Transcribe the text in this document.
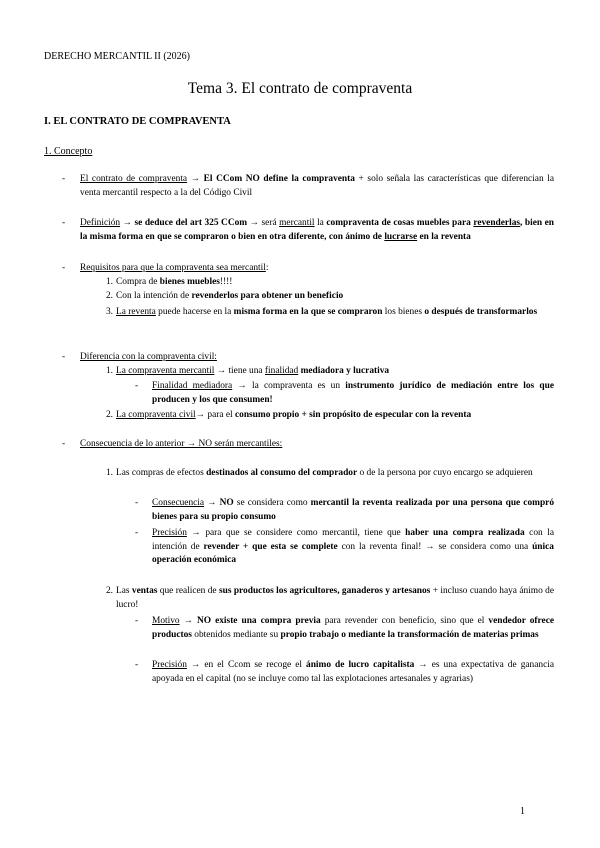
DERECHO MERCANTIL II (2026)
Tema 3. El contrato de compraventa
I. EL CONTRATO DE COMPRAVENTA
1. Concepto
- El contrato de compraventa → El CCom NO define la compraventa + solo señala las características que diferencian la venta mercantil respecto a la del Código Civil
- Definición → se deduce del art 325 CCom → será mercantil la compraventa de cosas muebles para revenderlas, bien en la misma forma en que se compraron o bien en otra diferente, con ánimo de lucrarse en la reventa
- Requisitos para que la compraventa sea mercantil:
1. Compra de bienes muebles!!!!
2. Con la intención de revenderlos para obtener un beneficio
3. La reventa puede hacerse en la misma forma en la que se compraron los bienes o después de transformarlos
- Diferencia con la compraventa civil:
1. La compraventa mercantil → tiene una finalidad mediadora y lucrativa
- Finalidad mediadora → la compraventa es un instrumento jurídico de mediación entre los que producen y los que consumen!
2. La compraventa civil→ para el consumo propio + sin propósito de especular con la reventa
- Consecuencia de lo anterior → NO serán mercantiles:
1. Las compras de efectos destinados al consumo del comprador o de la persona por cuyo encargo se adquieren
- Consecuencia → NO se considera como mercantil la reventa realizada por una persona que compró bienes para su propio consumo
- Precisión → para que se considere como mercantil, tiene que haber una compra realizada con la intención de revender + que esta se complete con la reventa final! → se considera como una única operación económica
2. Las ventas que realicen de sus productos los agricultores, ganaderos y artesanos + incluso cuando haya ánimo de lucro!
- Motivo → NO existe una compra previa para revender con beneficio, sino que el vendedor ofrece productos obtenidos mediante su propio trabajo o mediante la transformación de materias primas
- Precisión → en el Ccom se recoge el ánimo de lucro capitalista → es una expectativa de ganancia apoyada en el capital (no se incluye como tal las explotaciones artesanales y agrarias)
1
